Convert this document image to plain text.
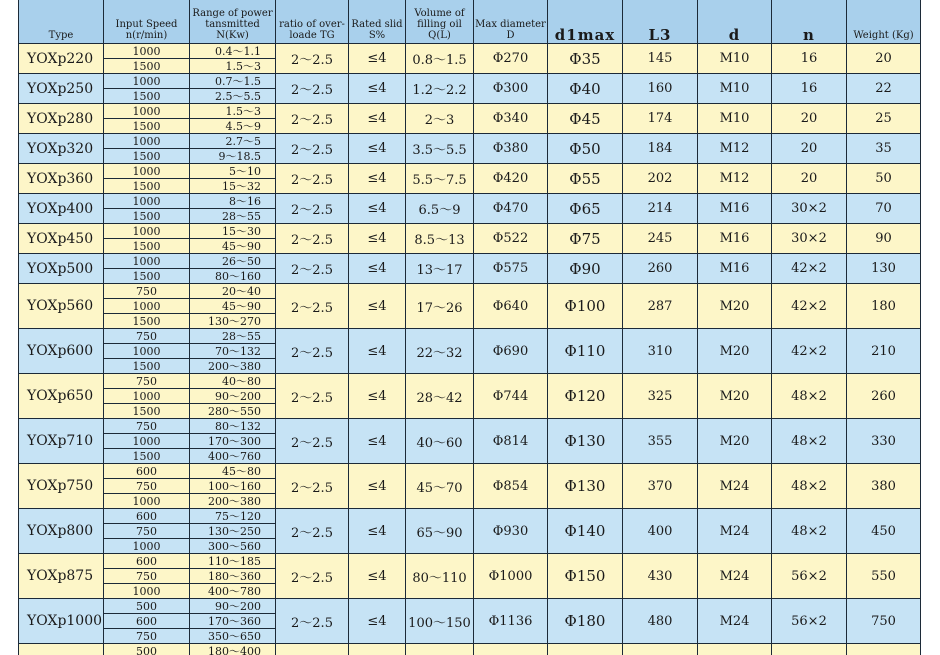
Type	Input Speed n(r/min)	Range of power tansmitted N(Kw)	ratio of over-loade TG	Rated slid S%	Volume of filling oil Q(L)	Max diameter D	d1max	L3	d	n	Weight (Kg)
YOXp220	1000	0.4～1.1	2～2.5	≤4	0.8～1.5	Φ270	Φ35	145	M10	16	20
	1500	1.5～3									
YOXp250	1000	0.7～1.5	2～2.5	≤4	1.2～2.2	Φ300	Φ40	160	M10	16	22
	1500	2.5～5.5									
YOXp280	1000	1.5～3	2～2.5	≤4	2～3	Φ340	Φ45	174	M10	20	25
	1500	4.5～9									
YOXp320	1000	2.7～5	2～2.5	≤4	3.5～5.5	Φ380	Φ50	184	M12	20	35
	1500	9～18.5									
YOXp360	1000	5～10	2～2.5	≤4	5.5～7.5	Φ420	Φ55	202	M12	20	50
	1500	15～32									
YOXp400	1000	8～16	2～2.5	≤4	6.5～9	Φ470	Φ65	214	M16	30×2	70
	1500	28～55									
YOXp450	1000	15～30	2～2.5	≤4	8.5～13	Φ522	Φ75	245	M16	30×2	90
	1500	45～90									
YOXp500	1000	26～50	2～2.5	≤4	13～17	Φ575	Φ90	260	M16	42×2	130
	1500	80～160									
YOXp560	750	20～40	2～2.5	≤4	17～26	Φ640	Φ100	287	M20	42×2	180
	1000	45～90									
	1500	130～270									
YOXp600	750	28～55	2～2.5	≤4	22～32	Φ690	Φ110	310	M20	42×2	210
	1000	70～132									
	1500	200～380									
YOXp650	750	40～80	2～2.5	≤4	28～42	Φ744	Φ120	325	M20	48×2	260
	1000	90～200									
	1500	280～550									
YOXp710	750	80～132	2～2.5	≤4	40～60	Φ814	Φ130	355	M20	48×2	330
	1000	170～300									
	1500	400～760									
YOXp750	600	45～80	2～2.5	≤4	45～70	Φ854	Φ130	370	M24	48×2	380
	750	100～160									
	1000	200～380									
YOXp800	600	75～120	2～2.5	≤4	65～90	Φ930	Φ140	400	M24	48×2	450
	750	130～250									
	1000	300～560									
YOXp875	600	110～185	2～2.5	≤4	80～110	Φ1000	Φ150	430	M24	56×2	550
	750	180～360									
	1000	400～780									
YOXp1000	500	90～200	2～2.5	≤4	100～150	Φ1136	Φ180	480	M24	56×2	750
	600	170～360									
	750	350～650									
	500	180～400									
